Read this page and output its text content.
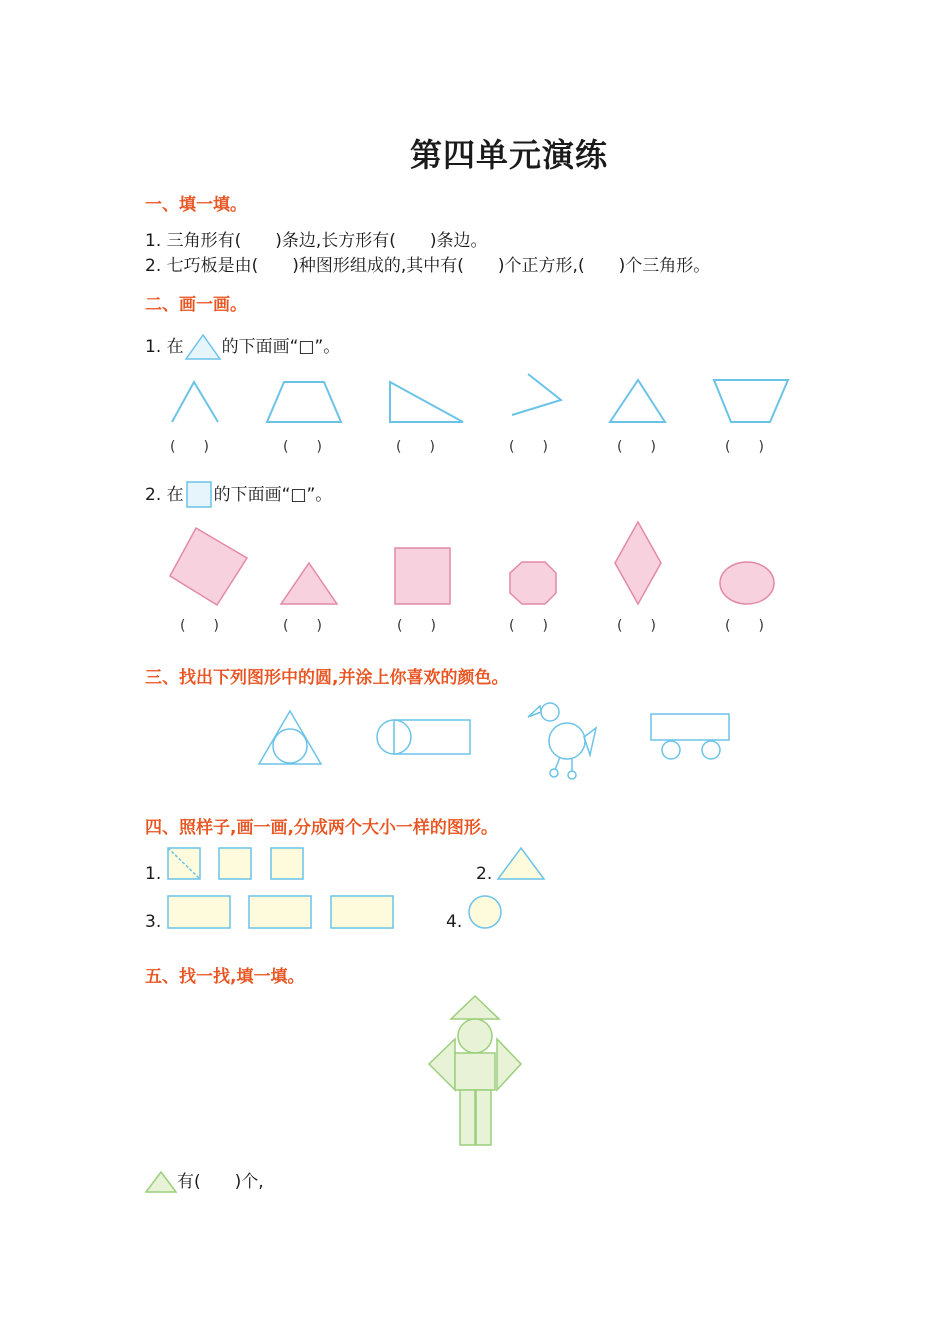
第四单元演练
一、填一填。
1. 三角形有(　　)条边,长方形有(　　)条边。
2. 七巧板是由(　　)种图形组成的,其中有(　　)个正方形,(　　)个三角形。
二、画一画。
1. 在 的下面画“□”。
(　　)	(　　)	(　　)	(　　)	(　　)	(　　)
2. 在 的下面画“□”。
(　　)	(　　)	(　　)	(　　)	(　　)	(　　)
三、找出下列图形中的圆,并涂上你喜欢的颜色。
四、照样子,画一画,分成两个大小一样的图形。
1.	2.
3.	4.
五、找一找,填一填。
有(　　)个,
